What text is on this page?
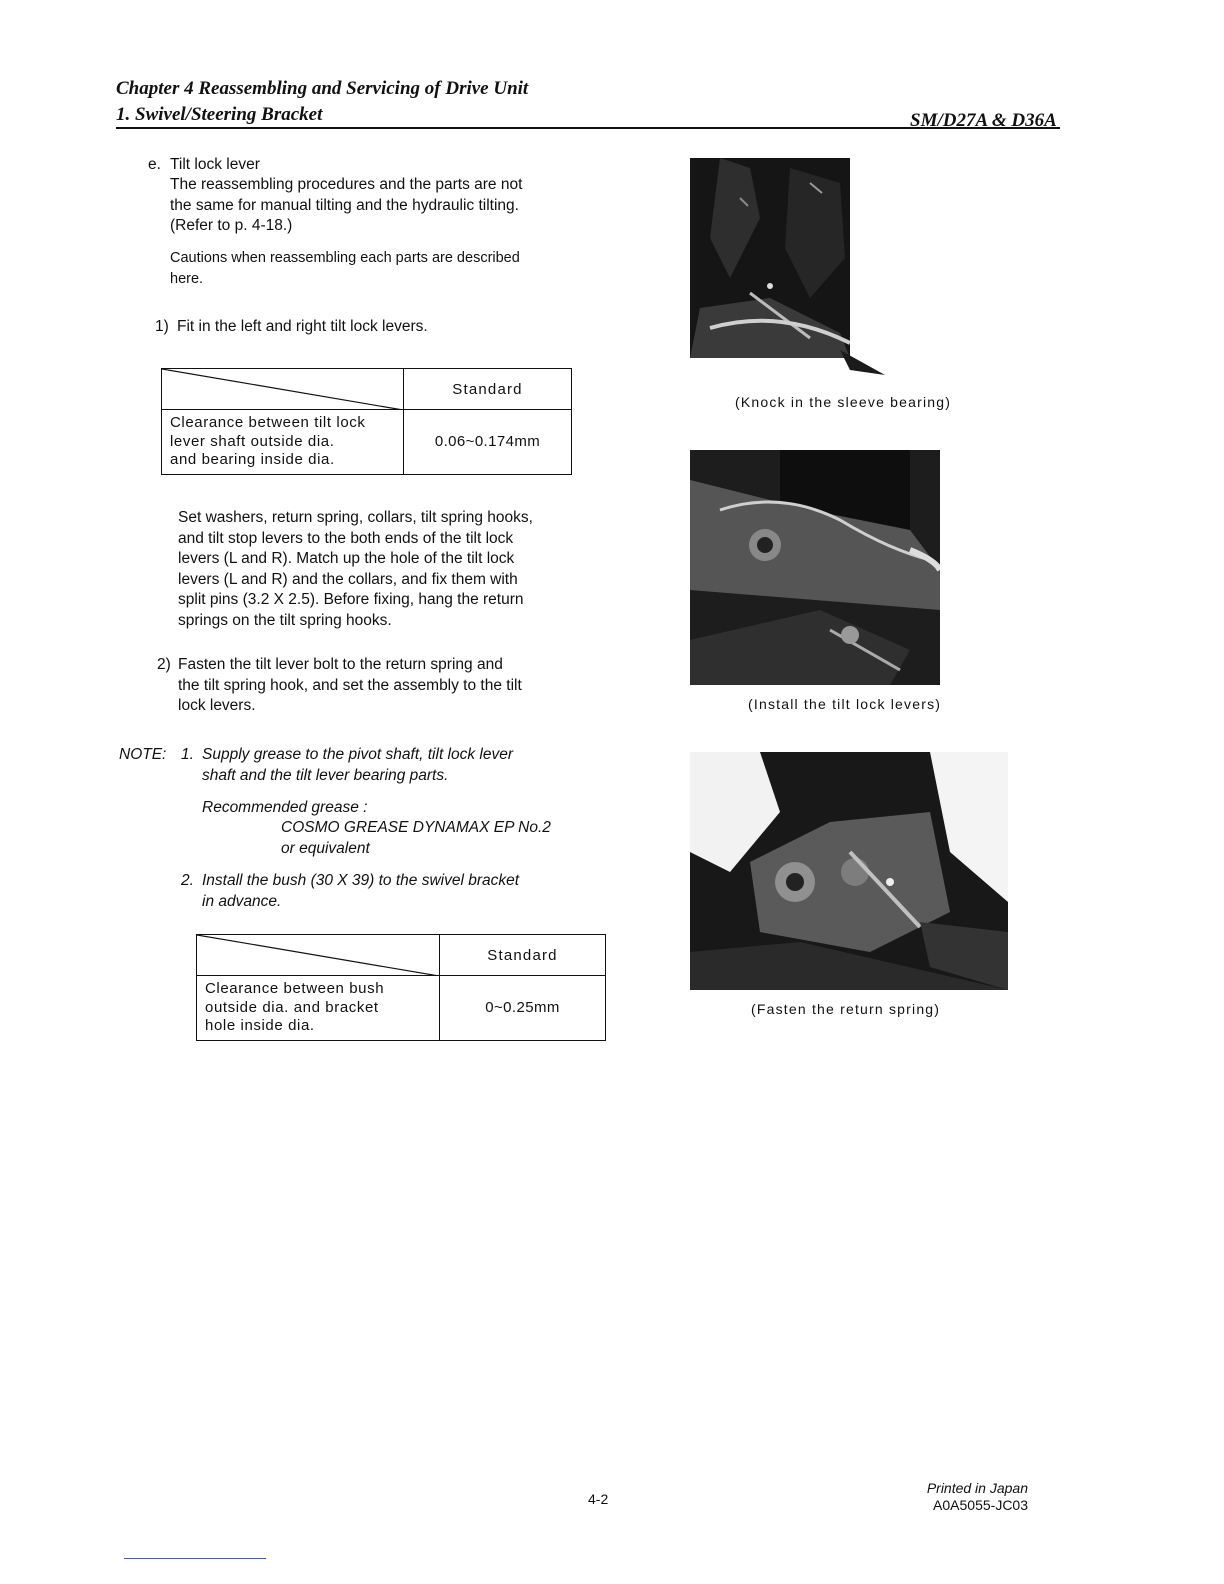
Chapter 4 Reassembling and Servicing of Drive Unit
1. Swivel/Steering Bracket	SM/D27A & D36A
e. Tilt lock lever
The reassembling procedures and the parts are not
the same for manual tilting and the hydraulic tilting.
(Refer to p. 4-18.)
Cautions when reassembling each parts are described
here.
1) Fit in the left and right tilt lock levers.
	Standard

Clearance between tilt lock
lever shaft outside dia.
and bearing inside dia.	0.06~0.174mm
Set washers, return spring, collars, tilt spring hooks,
and tilt stop levers to the both ends of the tilt lock
levers (L and R). Match up the hole of the tilt lock
levers (L and R) and the collars, and fix them with
split pins (3.2 X 2.5). Before fixing, hang the return
springs on the tilt spring hooks.
2) Fasten the tilt lever bolt to the return spring and
the tilt spring hook, and set the assembly to the tilt
lock levers.
NOTE: 1. Supply grease to the pivot shaft, tilt lock lever
shaft and the tilt lever bearing parts.
Recommended grease :
COSMO GREASE DYNAMAX EP No.2
or equivalent
2. Install the bush (30 X 39) to the swivel bracket
in advance.
	Standard

Clearance between bush
outside dia. and bracket
hole inside dia.	0~0.25mm
(Knock in the sleeve bearing)
(Install the tilt lock levers)
(Fasten the return spring)
4-2
Printed in Japan
A0A5055-JC03
